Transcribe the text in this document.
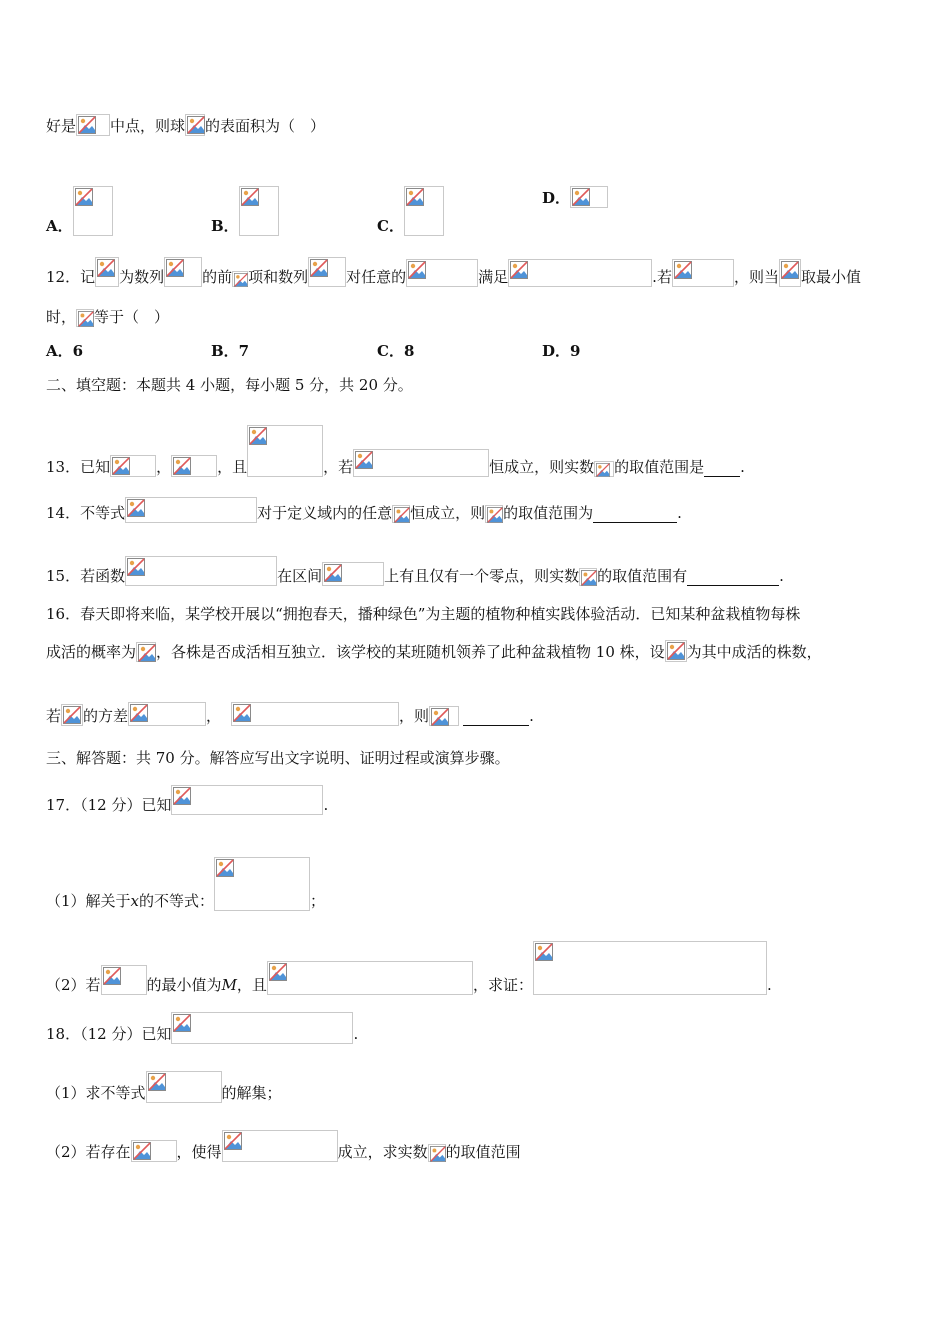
好是 中点，则球 的表面积为（　）
A．	B．	C．
D．
12．记 为数列	的前 项和数列	对任意的	满足	.若	，则当 取最小值
时， 等于（　）
A．6	B．7	C．8	D．9
二、填空题：本题共 4 小题，每小题 5 分，共 20 分。
13．已知	，	，且	，若	恒成立，则实数 的取值范围是 .
14．不等式	对于定义域内的任意 恒成立，则 的取值范围为	.
15．若函数	在区间	上有且仅有一个零点，则实数 的取值范围有	.
16．春天即将来临，某学校开展以“拥抱春天，播种绿色”为主题的植物种植实践体验活动．已知某种盆栽植物每株
成活的概率为 ，各株是否成活相互独立．该学校的某班随机领养了此种盆栽植物 10 株，设 为其中成活的株数，
若 的方差	，	，则	.
三、解答题：共 70 分。解答应写出文字说明、证明过程或演算步骤。
17．（12 分）已知	.
（1）解关于x的不等式：	；
（2）若	的最小值为M，且	，求证：	.
18．（12 分）已知	.
（1）求不等式	的解集；
（2）若存在	，使得	成立，求实数 的取值范围
